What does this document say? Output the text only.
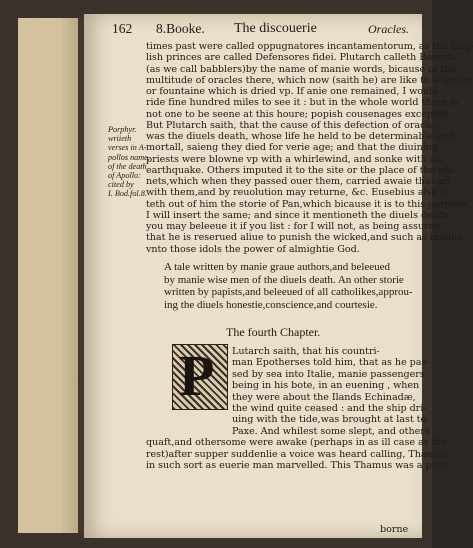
162 8.Booke. The discouerie	Oracles.
times past were called oppugnatores incantamentorum, as the Eng-
lish princes are called Defensores fidei. Plutarch calleth Boeotia
(as we call babblers)by the name of manie words, bicause of the
multitude of oracles there, which now (saith he) are like to a spring
or fountaine which is dried vp. If anie one remained, I would
ride fine hundred miles to see it : but in the whole world there is
not one to be seene at this houre; popish cousenages excepted.
But Plutarch saith, that the cause of this defection of oracles,
was the diuels death, whose life he held to be determinable and
mortall, saieng they died for verie age; and that the diuining
priests were blowne vp with a whirlewind, and sonke with an
earthquake. Others imputed it to the site or the place of the pla-
nets,which when they passed ouer them, carried awaie that art
with them,and by reuolution may returne, &c. Eusebius also ci-
teth out of him the storie of Pan,which bicause it is to this purpose,
I will insert the same; and since it mentioneth the diuels death,
you may beleeue it if you list : for I will not, as being assured
that he is reserued aliue to punish the wicked,and such as impute
vnto those idols the power of almightie God.
Porphyr.
wriieth
verses in A-
pollos name,
of the death
of Apollo:
cited by
I. Bod.fol.8.
A tale written by manie graue authors,and beleeued
by manie wise men of the diuels death. An other storie
written by papists,and beleeued of all catholikes,approu-
ing the diuels honestie,conscience,and courtesie.
The fourth Chapter.
P Lutarch saith, that his countri-
man Epotherses told him, that as he pas-
sed by sea into Italie, manie passengers
being in his bote, in an euening , when
they were about the Ilands Echinadæ,
the wind quite ceased : and the ship dri-
uing with the tide,was brought at last to
Paxe. And whilest some slept, and others
quaft,and othersome were awake (perhaps in as ill case as the
rest)after supper suddenlie a voice was heard calling, Thamus,
in such sort as euerie man marvelled. This Thamus was a pilot,
borne
